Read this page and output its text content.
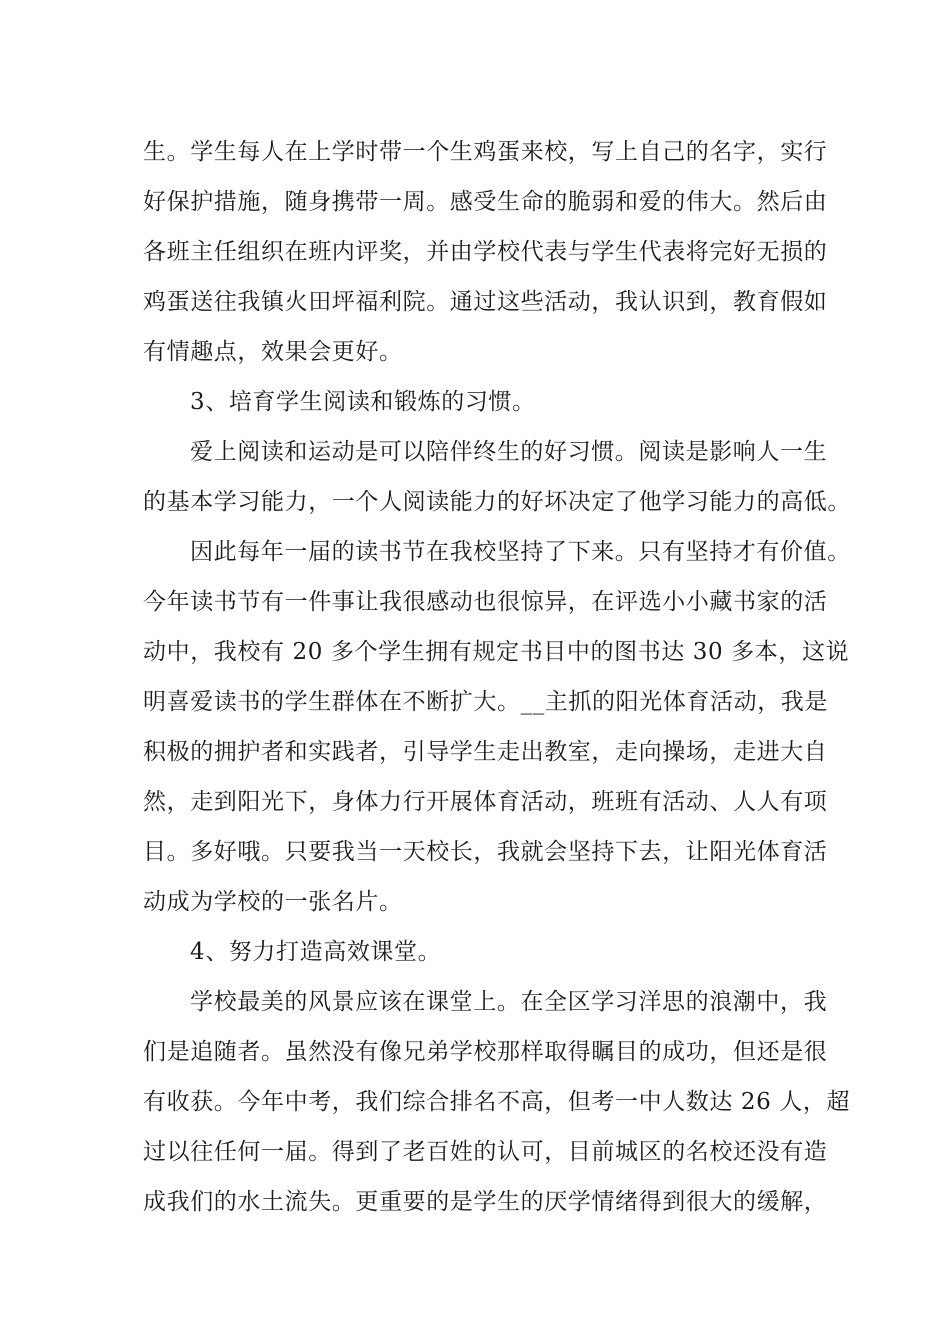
生。学生每人在上学时带一个生鸡蛋来校，写上自己的名字，实行
好保护措施，随身携带一周。感受生命的脆弱和爱的伟大。然后由
各班主任组织在班内评奖，并由学校代表与学生代表将完好无损的
鸡蛋送往我镇火田坪福利院。通过这些活动，我认识到，教育假如
有情趣点，效果会更好。
3、培育学生阅读和锻炼的习惯。
爱上阅读和运动是可以陪伴终生的好习惯。阅读是影响人一生
的基本学习能力，一个人阅读能力的好坏决定了他学习能力的高低。
因此每年一届的读书节在我校坚持了下来。只有坚持才有价值。
今年读书节有一件事让我很感动也很惊异，在评选小小藏书家的活
动中，我校有 20 多个学生拥有规定书目中的图书达 30 多本，这说
明喜爱读书的学生群体在不断扩大。__主抓的阳光体育活动，我是
积极的拥护者和实践者，引导学生走出教室，走向操场，走进大自
然，走到阳光下，身体力行开展体育活动，班班有活动、人人有项
目。多好哦。只要我当一天校长，我就会坚持下去，让阳光体育活
动成为学校的一张名片。
4、努力打造高效课堂。
学校最美的风景应该在课堂上。在全区学习洋思的浪潮中，我
们是追随者。虽然没有像兄弟学校那样取得瞩目的成功，但还是很
有收获。今年中考，我们综合排名不高，但考一中人数达 26 人，超
过以往任何一届。得到了老百姓的认可，目前城区的名校还没有造
成我们的水土流失。更重要的是学生的厌学情绪得到很大的缓解，
